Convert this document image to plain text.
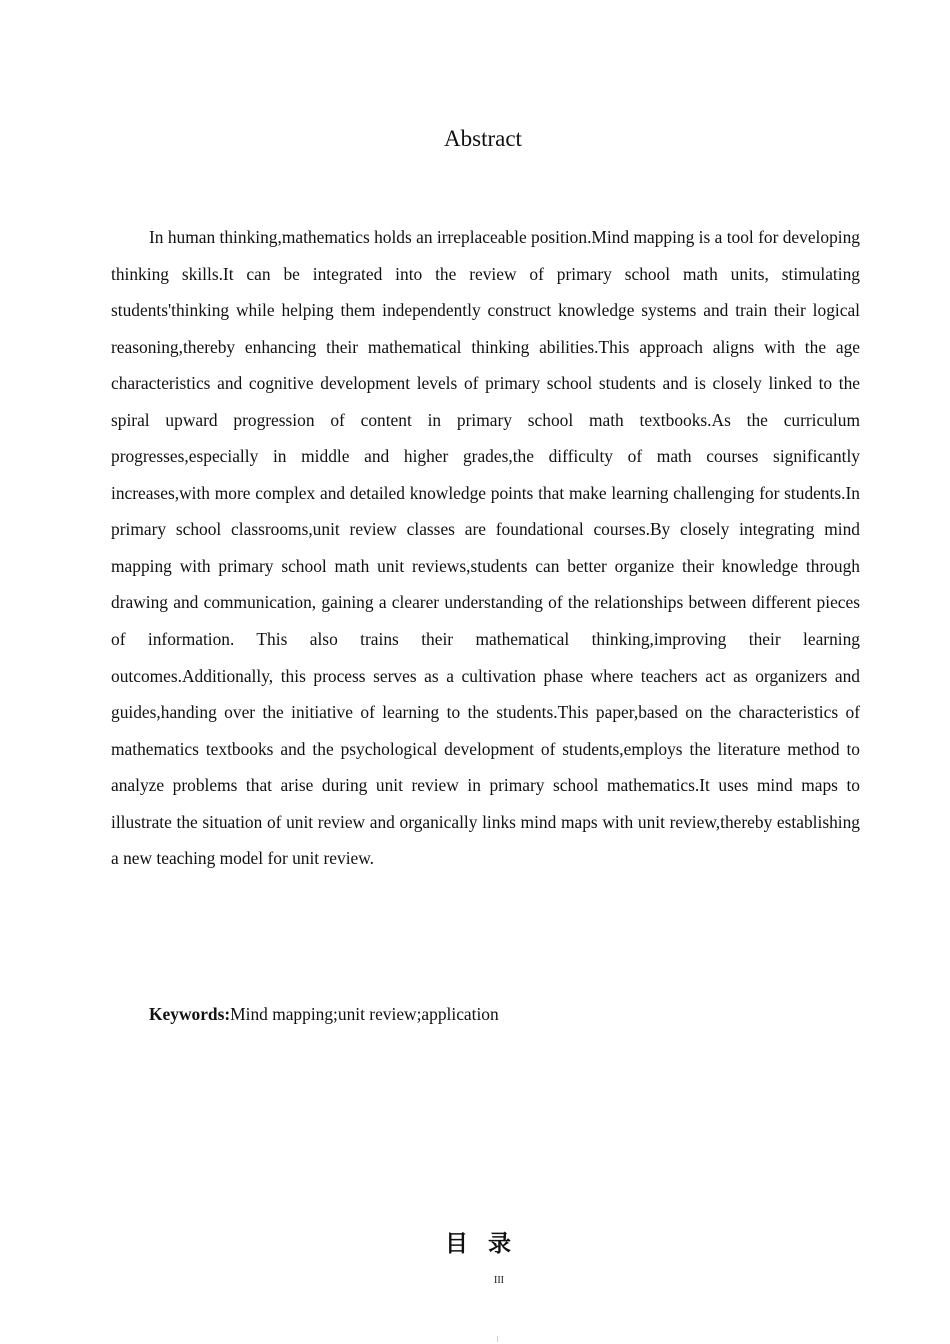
Abstract

In human thinking,mathematics holds an irreplaceable position.Mind mapping is a tool for developing thinking skills.It can be integrated into the review of primary school math units, stimulating students'thinking while helping them independently construct knowledge systems and train their logical reasoning,thereby enhancing their mathematical thinking abilities.This approach aligns with the age characteristics and cognitive development levels of primary school students and is closely linked to the spiral upward progression of content in primary school math textbooks.As the curriculum progresses,especially in middle and higher grades,the difficulty of math courses significantly increases,with more complex and detailed knowledge points that make learning challenging for students.In primary school classrooms,unit review classes are foundational courses.By closely integrating mind mapping with primary school math unit reviews,students can better organize their knowledge through drawing and communication, gaining a clearer understanding of the relationships between different pieces of information. This also trains their mathematical thinking,improving their learning outcomes.Additionally, this process serves as a cultivation phase where teachers act as organizers and guides,handing over the initiative of learning to the students.This paper,based on the characteristics of mathematics textbooks and the psychological development of students,employs the literature method to analyze problems that arise during unit review in primary school mathematics.It uses mind maps to illustrate the situation of unit review and organically links mind maps with unit review,thereby establishing a new teaching model for unit review.

Keywords:Mind mapping;unit review;application

目录
III
